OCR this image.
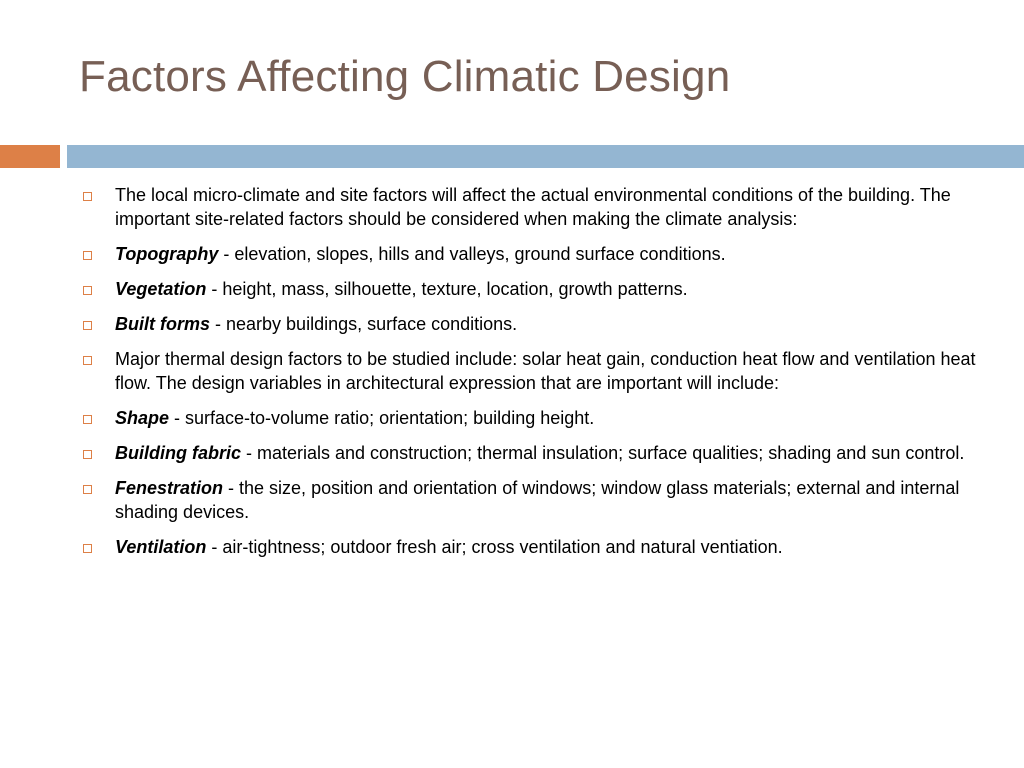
Factors Affecting Climatic Design
The local micro-climate and site factors will affect the actual environmental conditions of the building. The important site-related factors should be considered when making the climate analysis:
Topography - elevation, slopes, hills and valleys, ground surface conditions.
Vegetation - height, mass, silhouette, texture, location, growth patterns.
Built forms - nearby buildings, surface conditions.
Major thermal design factors to be studied include: solar heat gain, conduction heat flow and ventilation heat flow. The design variables in architectural expression that are important will include:
Shape - surface-to-volume ratio; orientation; building height.
Building fabric - materials and construction; thermal insulation; surface qualities; shading and sun control.
Fenestration - the size, position and orientation of windows; window glass materials; external and internal shading devices.
Ventilation - air-tightness; outdoor fresh air; cross ventilation and natural ventiation.
